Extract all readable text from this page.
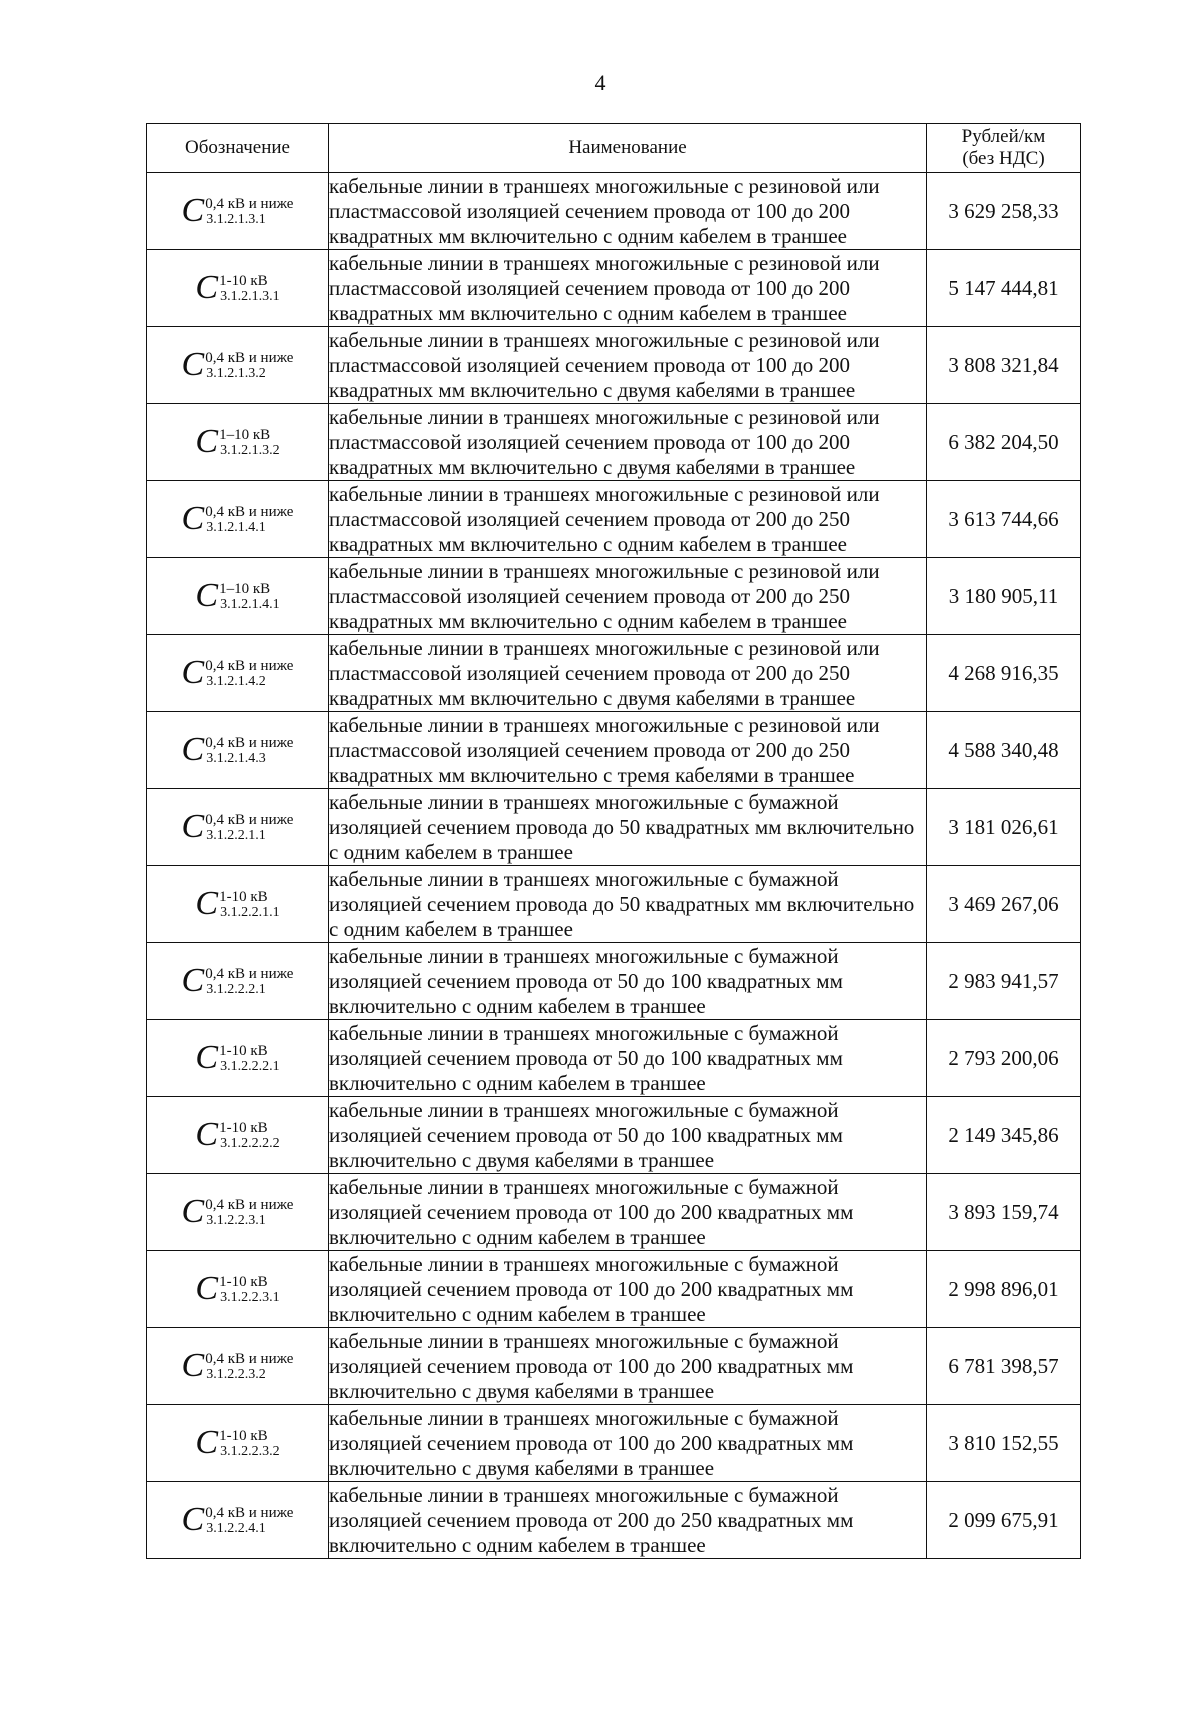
4
Обозначение	Наименование	Рублей/км
(без НДС)

C 0,4 кВ и ниже
3.1.2.1.3.1	кабельные линии в траншеях многожильные с резиновой или пластмассовой изоляцией сечением провода от 100 до 200 квадратных мм включительно с одним кабелем в траншее	3 629 258,33

C 1-10 кВ
3.1.2.1.3.1	кабельные линии в траншеях многожильные с резиновой или пластмассовой изоляцией сечением провода от 100 до 200 квадратных мм включительно с одним кабелем в траншее	5 147 444,81

C 0,4 кВ и ниже
3.1.2.1.3.2	кабельные линии в траншеях многожильные с резиновой или пластмассовой изоляцией сечением провода от 100 до 200 квадратных мм включительно с двумя кабелями в траншее	3 808 321,84

C 1–10 кВ
3.1.2.1.3.2	кабельные линии в траншеях многожильные с резиновой или пластмассовой изоляцией сечением провода от 100 до 200 квадратных мм включительно с двумя кабелями в траншее	6 382 204,50

C 0,4 кВ и ниже
3.1.2.1.4.1	кабельные линии в траншеях многожильные с резиновой или пластмассовой изоляцией сечением провода от 200 до 250 квадратных мм включительно с одним кабелем в траншее	3 613 744,66

C 1–10 кВ
3.1.2.1.4.1	кабельные линии в траншеях многожильные с резиновой или пластмассовой изоляцией сечением провода от 200 до 250 квадратных мм включительно с одним кабелем в траншее	3 180 905,11

C 0,4 кВ и ниже
3.1.2.1.4.2	кабельные линии в траншеях многожильные с резиновой или пластмассовой изоляцией сечением провода от 200 до 250 квадратных мм включительно с двумя кабелями в траншее	4 268 916,35

C 0,4 кВ и ниже
3.1.2.1.4.3	кабельные линии в траншеях многожильные с резиновой или пластмассовой изоляцией сечением провода от 200 до 250 квадратных мм включительно с тремя кабелями в траншее	4 588 340,48

C 0,4 кВ и ниже
3.1.2.2.1.1	кабельные линии в траншеях многожильные с бумажной изоляцией сечением провода до 50 квадратных мм включительно с одним кабелем в траншее	3 181 026,61

C 1-10 кВ
3.1.2.2.1.1	кабельные линии в траншеях многожильные с бумажной изоляцией сечением провода до 50 квадратных мм включительно с одним кабелем в траншее	3 469 267,06

C 0,4 кВ и ниже
3.1.2.2.2.1	кабельные линии в траншеях многожильные с бумажной изоляцией сечением провода от 50 до 100 квадратных мм включительно с одним кабелем в траншее	2 983 941,57

C 1-10 кВ
3.1.2.2.2.1	кабельные линии в траншеях многожильные с бумажной изоляцией сечением провода от 50 до 100 квадратных мм включительно с одним кабелем в траншее	2 793 200,06

C 1-10 кВ
3.1.2.2.2.2	кабельные линии в траншеях многожильные с бумажной изоляцией сечением провода от 50 до 100 квадратных мм включительно с двумя кабелями в траншее	2 149 345,86

C 0,4 кВ и ниже
3.1.2.2.3.1	кабельные линии в траншеях многожильные с бумажной изоляцией сечением провода от 100 до 200 квадратных мм включительно с одним кабелем в траншее	3 893 159,74

C 1-10 кВ
3.1.2.2.3.1	кабельные линии в траншеях многожильные с бумажной изоляцией сечением провода от 100 до 200 квадратных мм включительно с одним кабелем в траншее	2 998 896,01

C 0,4 кВ и ниже
3.1.2.2.3.2	кабельные линии в траншеях многожильные с бумажной изоляцией сечением провода от 100 до 200 квадратных мм включительно с двумя кабелями в траншее	6 781 398,57

C 1-10 кВ
3.1.2.2.3.2	кабельные линии в траншеях многожильные с бумажной изоляцией сечением провода от 100 до 200 квадратных мм включительно с двумя кабелями в траншее	3 810 152,55

C 0,4 кВ и ниже
3.1.2.2.4.1	кабельные линии в траншеях многожильные с бумажной изоляцией сечением провода от 200 до 250 квадратных мм включительно с одним кабелем в траншее	2 099 675,91
